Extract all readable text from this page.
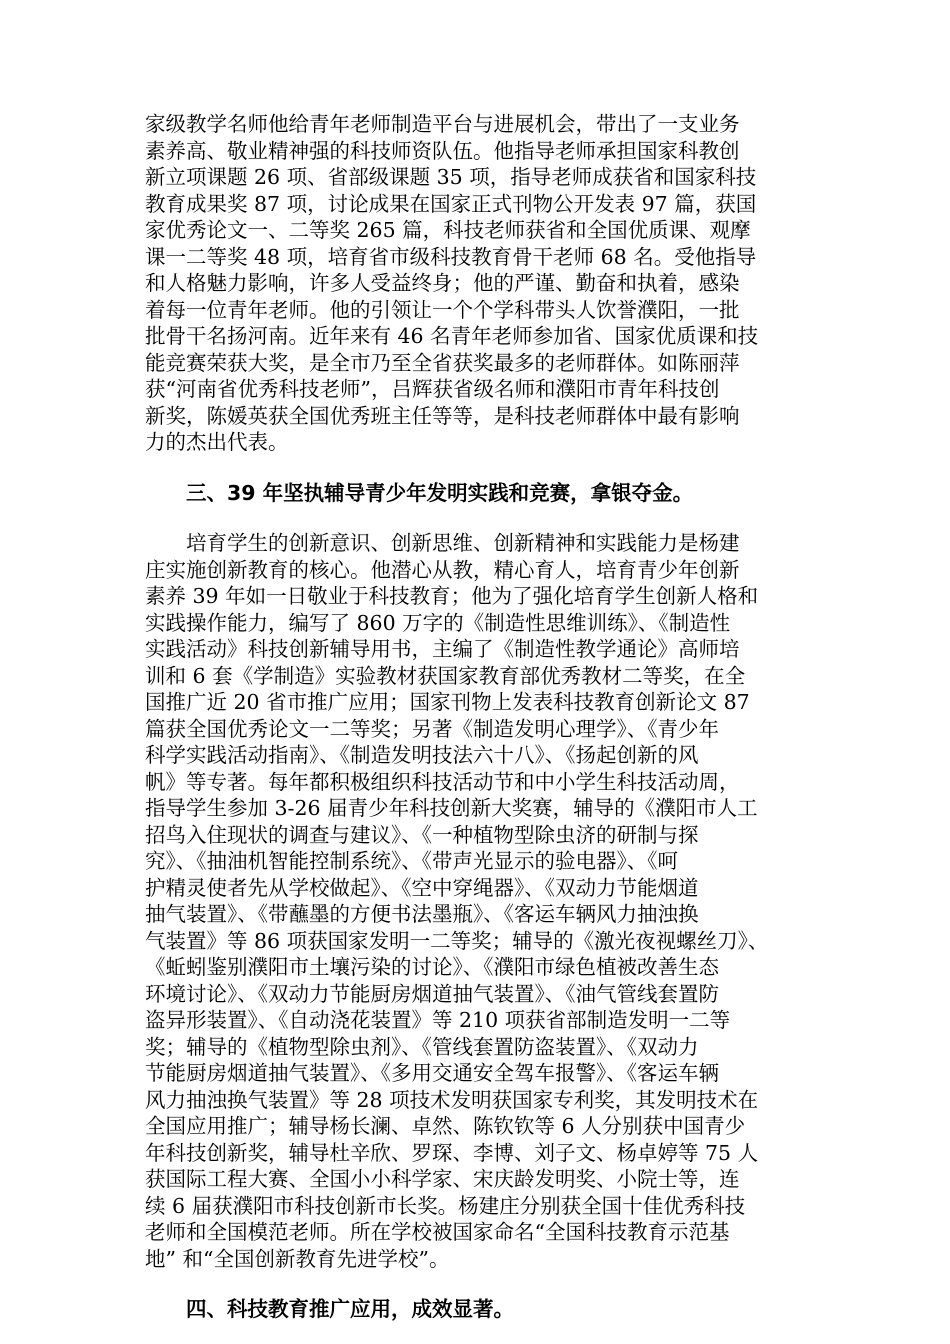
家级教学名师他给青年老师制造平台与进展机会，带出了一支业务
素养高、敬业精神强的科技师资队伍。他指导老师承担国家科教创
新立项课题 26 项、省部级课题 35 项，指导老师成获省和国家科技
教育成果奖 87 项，讨论成果在国家正式刊物公开发表 97 篇，获国
家优秀论文一、二等奖 265 篇，科技老师获省和全国优质课、观摩
课一二等奖 48 项，培育省市级科技教育骨干老师 68 名。受他指导
和人格魅力影响，许多人受益终身；他的严谨、勤奋和执着，感染
着每一位青年老师。他的引领让一个个学科带头人饮誉濮阳，一批
批骨干名扬河南。近年来有 46 名青年老师参加省、国家优质课和技
能竞赛荣获大奖，是全市乃至全省获奖最多的老师群体。如陈丽萍
获“河南省优秀科技老师”，吕辉获省级名师和濮阳市青年科技创
新奖，陈媛英获全国优秀班主任等等，是科技老师群体中最有影响
力的杰出代表。
三、39 年坚执辅导青少年发明实践和竞赛，拿银夺金。
培育学生的创新意识、创新思维、创新精神和实践能力是杨建
庄实施创新教育的核心。他潜心从教，精心育人，培育青少年创新
素养 39 年如一日敬业于科技教育；他为了强化培育学生创新人格和
实践操作能力，编写了 860 万字的《制造性思维训练》、《制造性
实践活动》科技创新辅导用书，主编了《制造性教学通论》高师培
训和 6 套《学制造》实验教材获国家教育部优秀教材二等奖，在全
国推广近 20 省市推广应用；国家刊物上发表科技教育创新论文 87
篇获全国优秀论文一二等奖；另著《制造发明心理学》、《青少年
科学实践活动指南》、《制造发明技法六十八》、《扬起创新的风
帆》等专著。每年都积极组织科技活动节和中小学生科技活动周，
指导学生参加 3-26 届青少年科技创新大奖赛，辅导的《濮阳市人工
招鸟入住现状的调查与建议》、《一种植物型除虫济的研制与探
究》、《抽油机智能控制系统》、《带声光显示的验电器》、《呵
护精灵使者先从学校做起》、《空中穿绳器》、《双动力节能烟道
抽气装置》、《带蘸墨的方便书法墨瓶》、《客运车辆风力抽浊换
气装置》等 86 项获国家发明一二等奖；辅导的《激光夜视螺丝刀》、
《蚯蚓鉴别濮阳市土壤污染的讨论》、《濮阳市绿色植被改善生态
环境讨论》、《双动力节能厨房烟道抽气装置》、《油气管线套置防
盗异形装置》、《自动浇花装置》等 210 项获省部制造发明一二等
奖；辅导的《植物型除虫剂》、《管线套置防盗装置》、《双动力
节能厨房烟道抽气装置》、《多用交通安全驾车报警》、《客运车辆
风力抽浊换气装置》等 28 项技术发明获国家专利奖，其发明技术在
全国应用推广；辅导杨长澜、卓然、陈钦钦等 6 人分别获中国青少
年科技创新奖，辅导杜辛欣、罗琛、李博、刘子文、杨卓婷等 75 人
获国际工程大赛、全国小小科学家、宋庆龄发明奖、小院士等，连
续 6 届获濮阳市科技创新市长奖。杨建庄分别获全国十佳优秀科技
老师和全国模范老师。所在学校被国家命名“全国科技教育示范基
地” 和“全国创新教育先进学校”。
四、科技教育推广应用，成效显著。
